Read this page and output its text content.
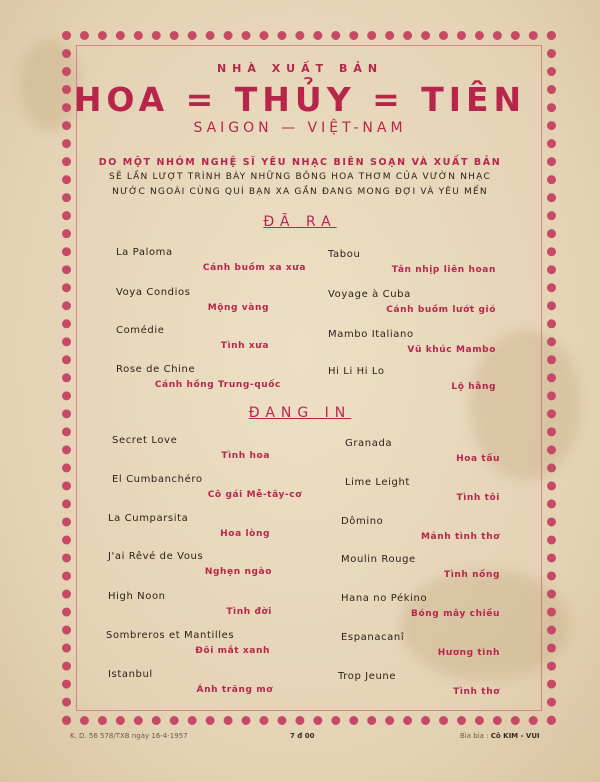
NHÀ XUẤT BẢN
HOA = THỦY = TIÊN
SAIGON — VIỆT-NAM
DO MỘT NHÓM NGHỆ SĨ YÊU NHẠC BIÊN SOẠN VÀ XUẤT BẢN
SẼ LẦN LƯỢT TRÌNH BÀY NHỮNG BÔNG HOA THƠM CỦA VƯỜN NHẠC
NƯỚC NGOÀI CÙNG QUÍ BẠN XA GẦN ĐANG MONG ĐỢI VÀ YÊU MẾN
ĐÃ RA
La Paloma
Cánh buồm xa xưa
Tabou
Tân nhịp liên hoan
Voya Condios
Mộng vàng
Voyage à Cuba
Cánh buồm lướt gió
Comédie
Tình xưa
Mambo Italiano
Vũ khúc Mambo
Rose de Chine
Cánh hồng Trung-quốc
Hi Li Hi Lo
Lộ hằng
ĐANG IN
Secret Love
Tình hoa
Granada
Hoa tấu
El Cumbanchéro
Cô gái Mễ-tây-cơ
Lime Leight
Tình tôi
La Cumparsita
Hoa lòng
Dômino
Mảnh tình thơ
J'ai Rêvé de Vous
Nghẹn ngào
Moulin Rouge
Tình nồng
High Noon
Tình đời
Hana no Pékino
Bóng mây chiều
Sombreros et Mantilles
Đôi mắt xanh
Espanacanî
Hương tình
Istanbul
Ánh trăng mơ
Trop Jeune
Tình thơ
K. D. 56 578/TXB ngày 16-4-1957	7 đ 00	Bìa bìa : Cô KIM - VUI
